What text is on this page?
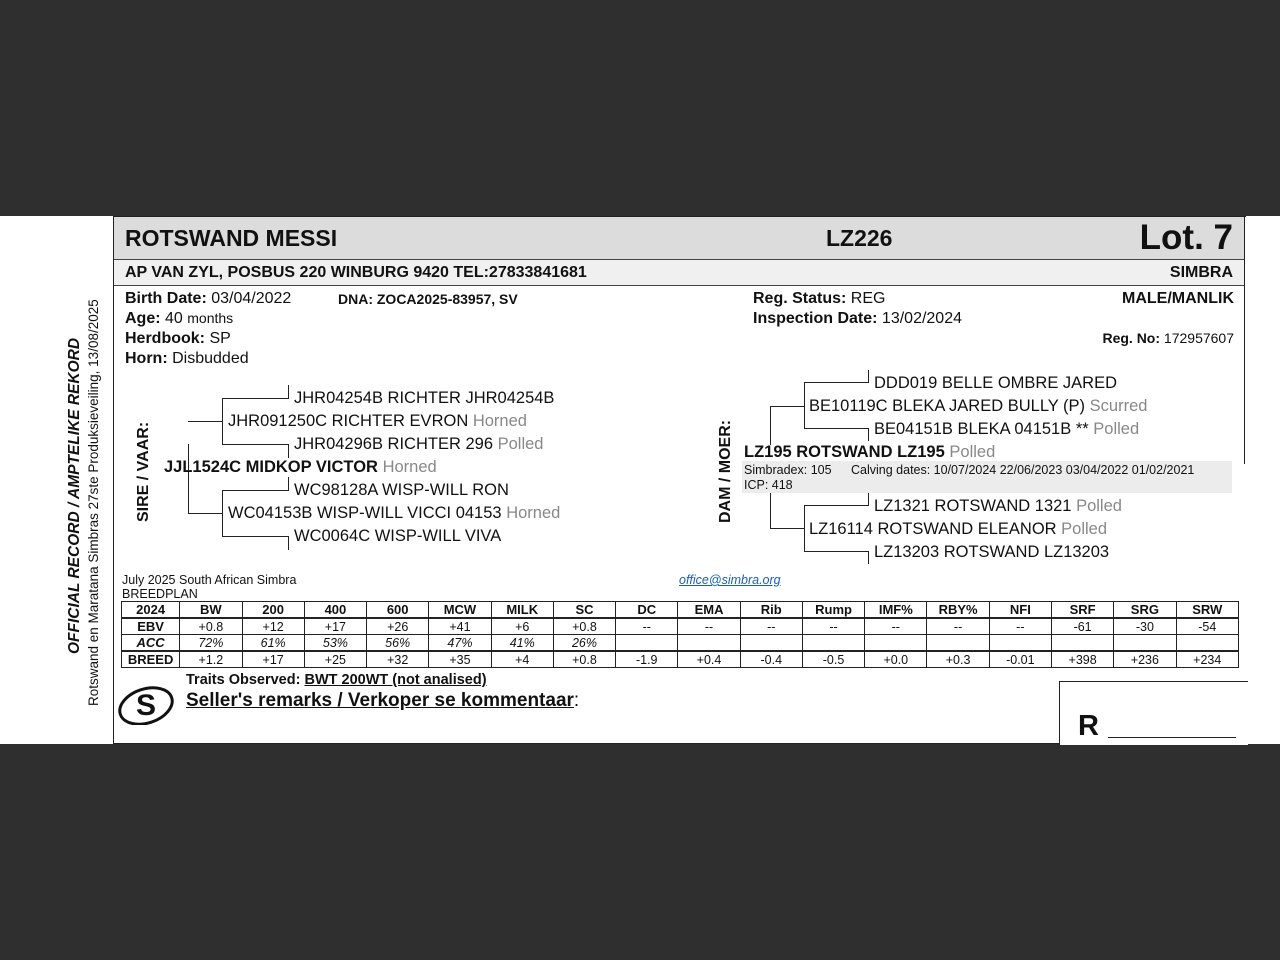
OFFICIAL RECORD / AMPTELIKE REKORD Rotswand en Maratana Simbras 27ste Produksieveiling, 13/08/2025
ROTSWAND MESSI	LZ226	Lot. 7
AP VAN ZYL, POSBUS 220 WINBURG 9420 TEL:27833841681	SIMBRA
Birth Date: 03/04/2022	DNA: ZOCA2025-83957, SV
Age: 40 months
Herdbook: SP
Horn: Disbudded
Reg. Status: REG
Inspection Date: 13/02/2024
MALE/MANLIK
Reg. No: 172957607
SIRE / VAAR:
JHR04254B RICHTER JHR04254B
JHR091250C RICHTER EVRON Horned
JHR04296B RICHTER 296 Polled
JJL1524C MIDKOP VICTOR Horned
WC98128A WISP-WILL RON
WC04153B WISP-WILL VICCI 04153 Horned
WC0064C WISP-WILL VIVA
DAM / MOER:
DDD019 BELLE OMBRE JARED
BE10119C BLEKA JARED BULLY (P) Scurred
BE04151B BLEKA 04151B ** Polled
LZ195 ROTSWAND LZ195 Polled
Simbradex: 105 Calving dates: 10/07/2024 22/06/2023 03/04/2022 01/02/2021
ICP: 418
LZ1321 ROTSWAND 1321 Polled
LZ16114 ROTSWAND ELEANOR Polled
LZ13203 ROTSWAND LZ13203
July 2025 South African Simbra
BREEDPLAN
office@simbra.org
2024	BW	200	400	600	MCW	MILK	SC	DC	EMA	Rib	Rump	IMF%	RBY%	NFI	SRF	SRG	SRW
EBV	+0.8	+12	+17	+26	+41	+6	+0.8	--	--	--	--	--	--	--	-61	-30	-54
ACC	72%	61%	53%	56%	47%	41%	26%										
BREED	+1.2	+17	+25	+32	+35	+4	+0.8	-1.9	+0.4	-0.4	-0.5	+0.0	+0.3	-0.01	+398	+236	+234
S
Traits Observed: BWT 200WT (not analised)
Seller's remarks / Verkoper se kommentaar:
R
